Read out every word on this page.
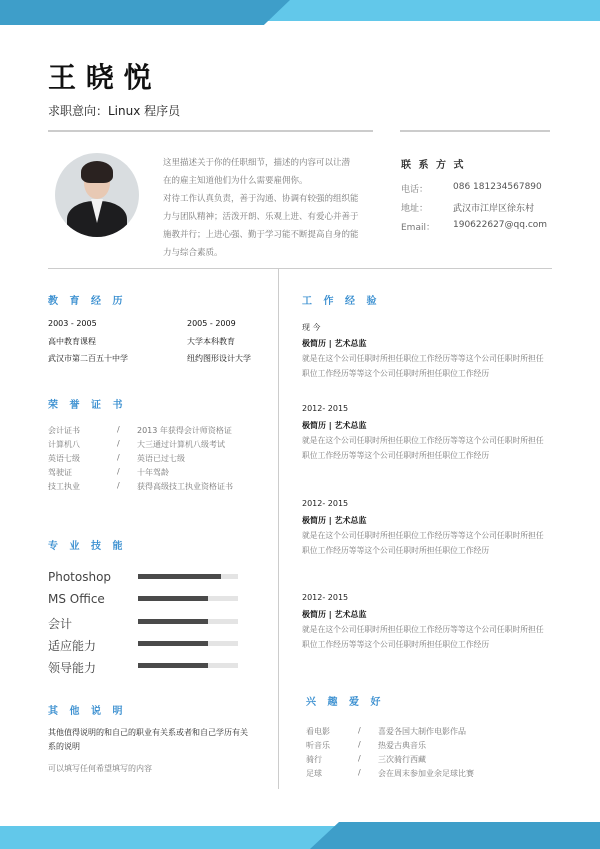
王 晓 悦
求职意向：Linux 程序员
联 系 方 式
教 育 经 历
荣 誉 证 书
专 业 技 能
其 他 说 明
其他值得说明的和自己的职业有关系或者和自己学历有关
系的说明
可以填写任何希望填写的内容
工 作 经 验
兴 趣 爱 好
这里描述关于你的任职细节，描述的内容可以让潜
在的雇主知道他们为什么需要雇佣你。
对待工作认真负责，善于沟通、协调有较强的组织能
力与团队精神；活泼开朗、乐观上进、有爱心并善于
施教并行；上进心强、勤于学习能不断提高自身的能
力与综合素质。
电话：	086 181234567890
地址：	武汉市江岸区徐东村
Email： 190622627@qq.com
2003 - 2005
高中教育课程
武汉市第二百五十中学
2005 - 2009
大学本科教育
纽约图形设计大学
会计证书	/ 2013 年获得会计师资格证
计算机八	/ 大三通过计算机八级考试
英语七级	/ 英语已过七级
驾驶证	/ 十年驾龄
技工执业	/ 获得高级技工执业资格证书
Photoshop
MS Office
会计
适应能力
领导能力
现 今
极简历 | 艺术总监
就是在这个公司任职时所担任职位工作经历等等这个公司任职时所担任
职位工作经历等等这个公司任职时所担任职位工作经历
2012- 2015
极简历 | 艺术总监
就是在这个公司任职时所担任职位工作经历等等这个公司任职时所担任
职位工作经历等等这个公司任职时所担任职位工作经历
2012- 2015
极简历 | 艺术总监
就是在这个公司任职时所担任职位工作经历等等这个公司任职时所担任
职位工作经历等等这个公司任职时所担任职位工作经历
2012- 2015
极简历 | 艺术总监
就是在这个公司任职时所担任职位工作经历等等这个公司任职时所担任
职位工作经历等等这个公司任职时所担任职位工作经历
看电影	/ 喜爱各国大制作电影作品
听音乐	/ 热爱古典音乐
骑行	/ 三次骑行西藏
足球	/ 会在周末参加业余足球比赛
